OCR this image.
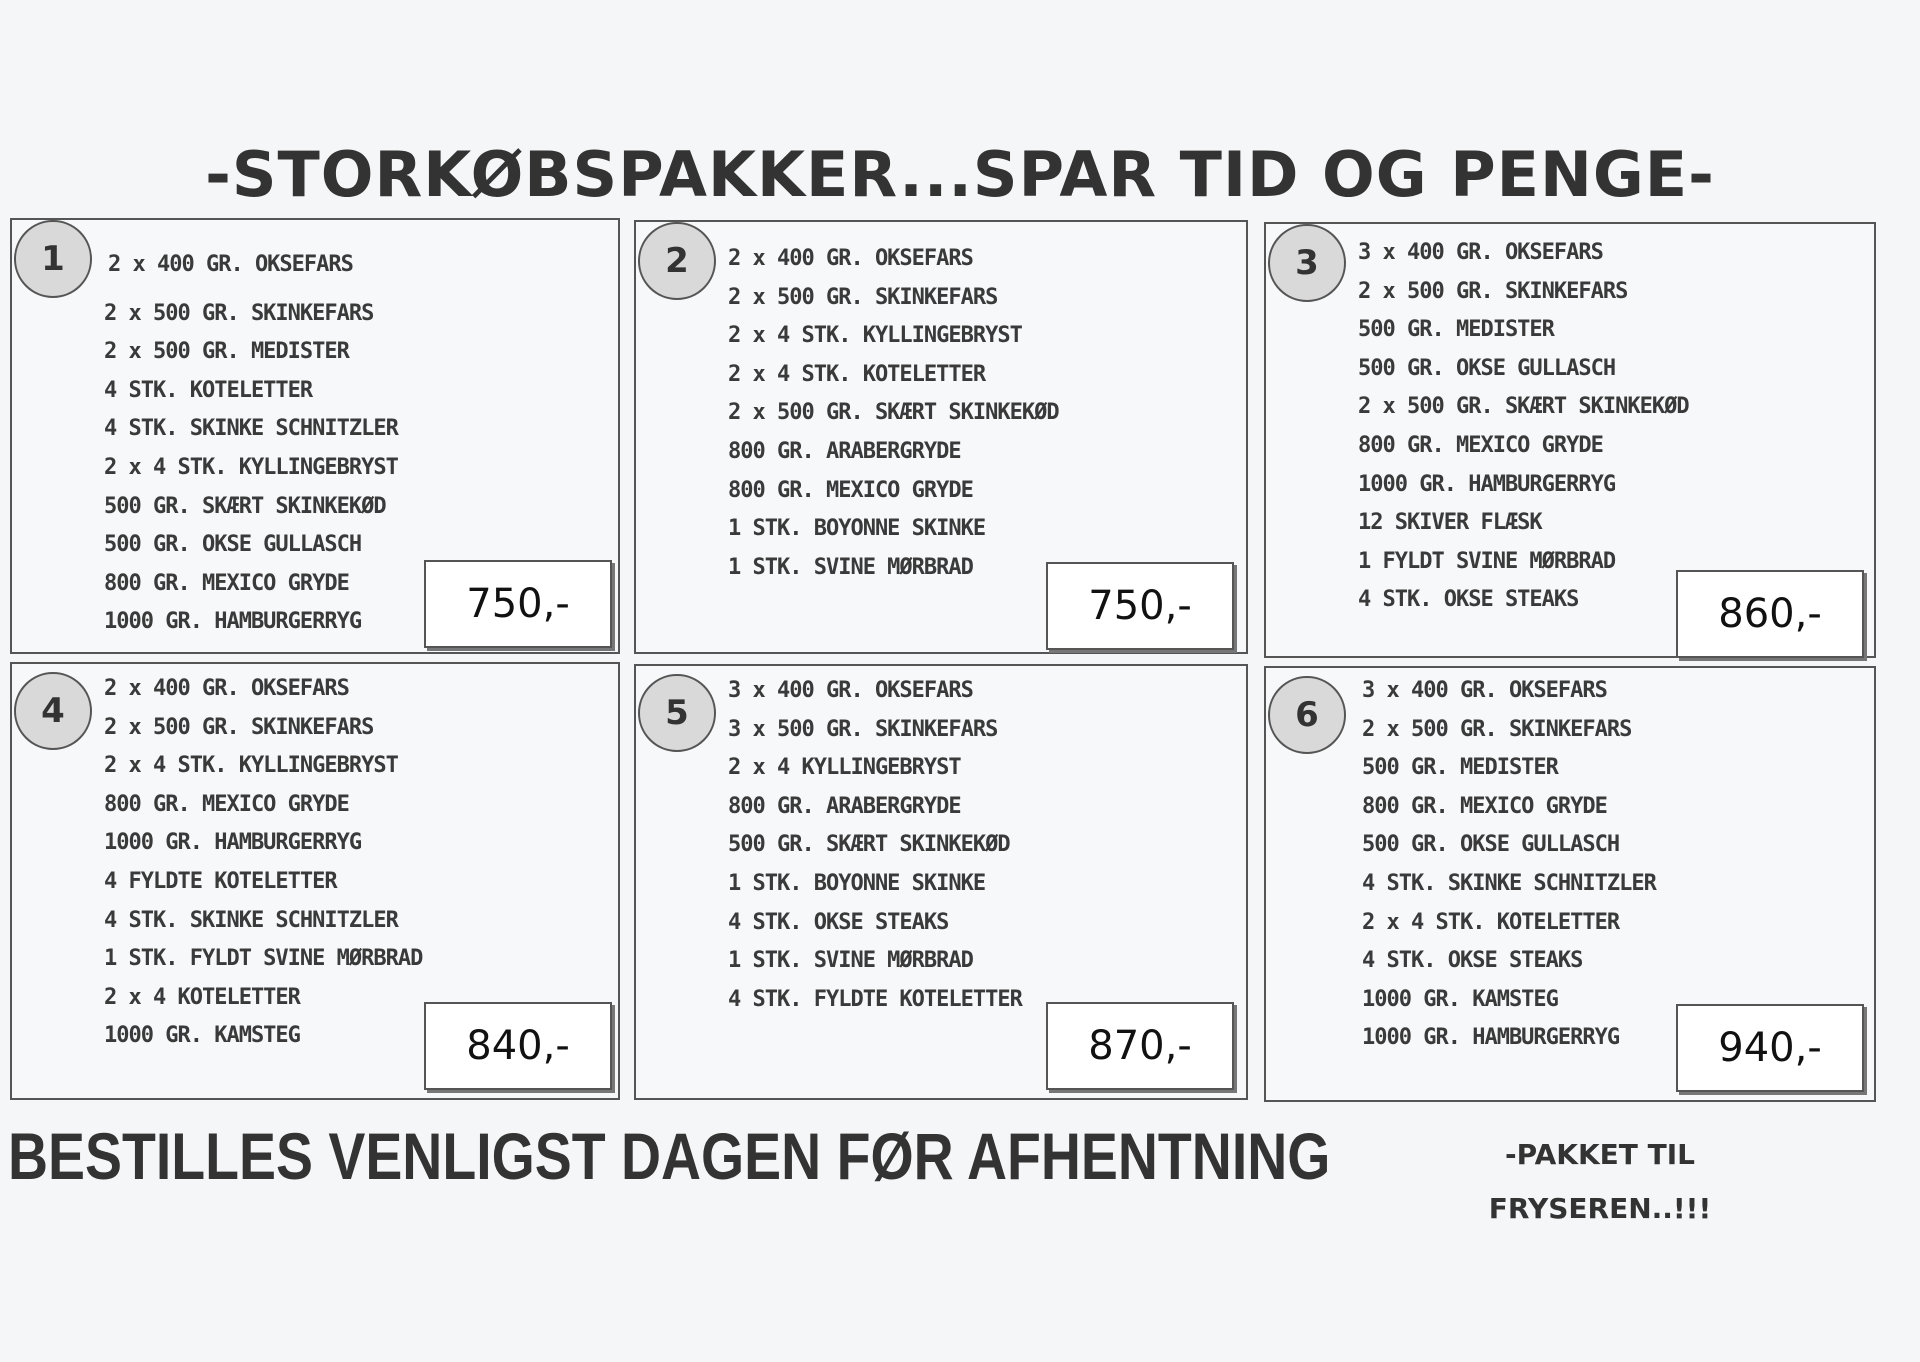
-STORKØBSPAKKER...SPAR TID OG PENGE-
1	2 x 400 GR. OKSEFARS
2 x 500 GR. SKINKEFARS
2 x 500 GR. MEDISTER
4 STK. KOTELETTER
4 STK. SKINKE SCHNITZLER
2 x 4 STK. KYLLINGEBRYST
500 GR. SKÆRT SKINKEKØD
500 GR. OKSE GULLASCH
800 GR. MEXICO GRYDE
1000 GR. HAMBURGERRYG	750,-
2	2 x 400 GR. OKSEFARS
2 x 500 GR. SKINKEFARS
2 x 4 STK. KYLLINGEBRYST
2 x 4 STK. KOTELETTER
2 x 500 GR. SKÆRT SKINKEKØD
800 GR. ARABERGRYDE
800 GR. MEXICO GRYDE
1 STK. BOYONNE SKINKE
1 STK. SVINE MØRBRAD
750,-
3	3 x 400 GR. OKSEFARS
2 x 500 GR. SKINKEFARS
500 GR. MEDISTER
500 GR. OKSE GULLASCH
2 x 500 GR. SKÆRT SKINKEKØD
800 GR. MEXICO GRYDE
1000 GR. HAMBURGERRYG
12 SKIVER FLÆSK
1 FYLDT SVINE MØRBRAD
4 STK. OKSE STEAKS	860,-
4
2 x 400 GR. OKSEFARS
2 x 500 GR. SKINKEFARS
2 x 4 STK. KYLLINGEBRYST
800 GR. MEXICO GRYDE
1000 GR. HAMBURGERRYG
4 FYLDTE KOTELETTER
4 STK. SKINKE SCHNITZLER
1 STK. FYLDT SVINE MØRBRAD
2 x 4 KOTELETTER
1000 GR. KAMSTEG	840,-
5
3 x 400 GR. OKSEFARS
3 x 500 GR. SKINKEFARS
2 x 4 KYLLINGEBRYST
800 GR. ARABERGRYDE
500 GR. SKÆRT SKINKEKØD
1 STK. BOYONNE SKINKE
4 STK. OKSE STEAKS
1 STK. SVINE MØRBRAD
4 STK. FYLDTE KOTELETTER
870,-
6
3 x 400 GR. OKSEFARS
2 x 500 GR. SKINKEFARS
500 GR. MEDISTER
800 GR. MEXICO GRYDE
500 GR. OKSE GULLASCH
4 STK. SKINKE SCHNITZLER
2 x 4 STK. KOTELETTER
4 STK. OKSE STEAKS
1000 GR. KAMSTEG
1000 GR. HAMBURGERRYG	940,-
BESTILLES VENLIGST DAGEN FØR AFHENTNING	-PAKKET TIL
FRYSEREN..!!!
